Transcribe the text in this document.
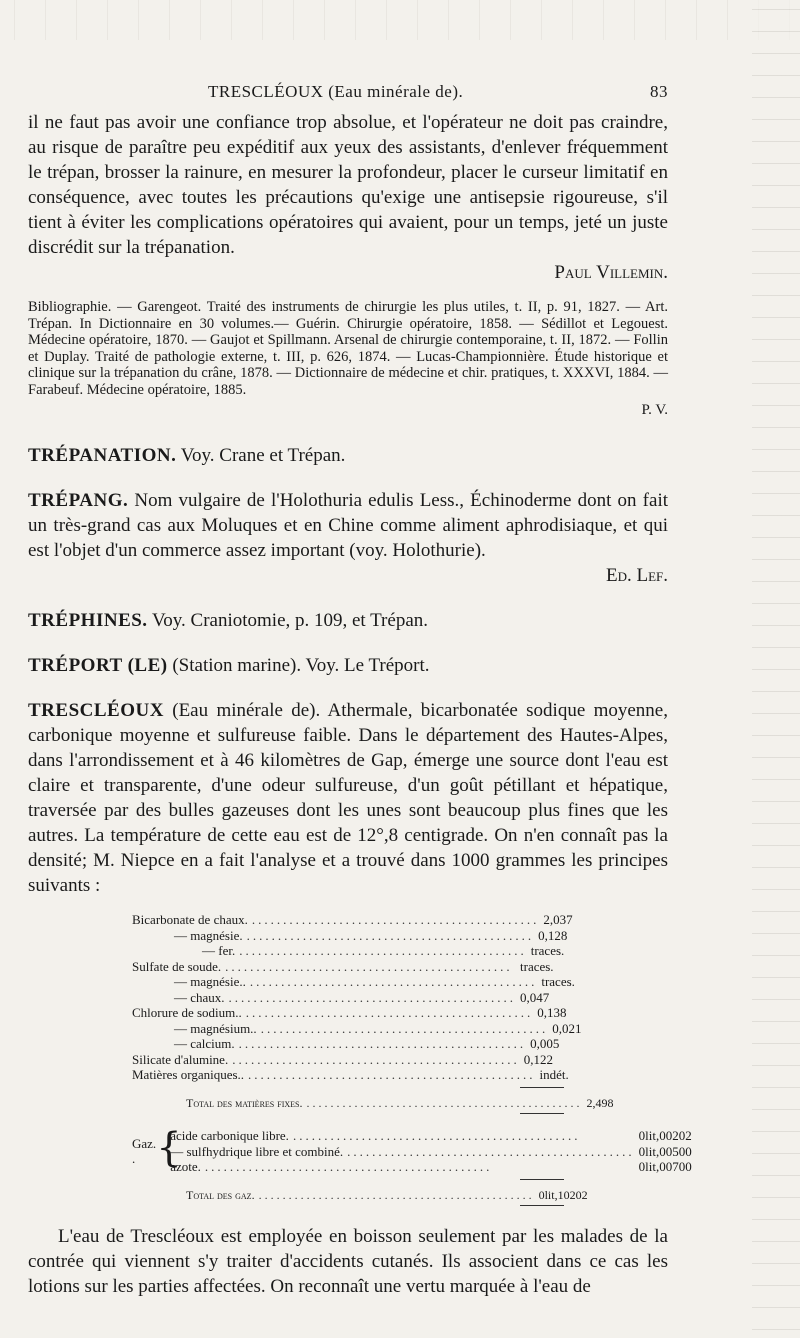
TRESCLÉOUX (Eau minérale de).	83

il ne faut pas avoir une confiance trop absolue, et l'opérateur ne doit pas craindre, au risque de paraître peu expéditif aux yeux des assistants, d'enlever fréquemment le trépan, brosser la rainure, en mesurer la profondeur, placer le curseur limitatif en conséquence, avec toutes les précautions qu'exige une antisepsie rigoureuse, s'il tient à éviter les complications opératoires qui avaient, pour un temps, jeté un juste discrédit sur la trépanation.

Paul Villemin.

Bibliographie. — Garengeot. Traité des instruments de chirurgie les plus utiles, t. II, p. 91, 1827. — Art. Trépan. In Dictionnaire en 30 volumes.— Guérin. Chirurgie opératoire, 1858. — Sédillot et Legouest. Médecine opératoire, 1870. — Gaujot et Spillmann. Arsenal de chirurgie contemporaine, t. II, 1872. — Follin et Duplay. Traité de pathologie externe, t. III, p. 626, 1874. — Lucas-Championnière. Étude historique et clinique sur la trépanation du crâne, 1878. — Dictionnaire de médecine et chir. pratiques, t. XXXVI, 1884. — Farabeuf. Médecine opératoire, 1885.

P. V.
TRÉPANATION. Voy. Crane et Trépan.
TRÉPANG. Nom vulgaire de l'Holothuria edulis Less., Échinoderme dont on fait un très-grand cas aux Moluques et en Chine comme aliment aphrodisiaque, et qui est l'objet d'un commerce assez important (voy. Holothurie).
Ed. Lef.
TRÉPHINES. Voy. Craniotomie, p. 109, et Trépan.
TRÉPORT (LE) (Station marine). Voy. Le Tréport.
TRESCLÉOUX (Eau minérale de). Athermale, bicarbonatée sodique moyenne, carbonique moyenne et sulfureuse faible. Dans le département des Hautes-Alpes, dans l'arrondissement et à 46 kilomètres de Gap, émerge une source dont l'eau est claire et transparente, d'une odeur sulfureuse, d'un goût pétillant et hépatique, traversée par des bulles gazeuses dont les unes sont beaucoup plus fines que les autres. La température de cette eau est de 12°,8 centigrade. On n'en connaît pas la densité; M. Niepce en a fait l'analyse et a trouvé dans 1000 grammes les principes suivants :
Bicarbonate de chaux. .............................................. 2,037
— magnésie. .............................................. 0,128
— fer. .............................................. traces.
Sulfate de soude. .............................................. traces.
— magnésie.. .............................................. traces.
— chaux. .............................................. 0,047
Chlorure de sodium.. .............................................. 0,138
— magnésium.. .............................................. 0,021
— calcium. .............................................. 0,005
Silicate d'alumine. .............................................. 0,122
Matières organiques.. .............................................. indét.
Total des matières fixes. .............................................. 2,498
Gaz. . {
acide carbonique libre. ..............................................	0lit,00202
— sulfhydrique libre et combiné. .............................................. 0lit,00500
azote. ..............................................	0lit,00700
Total des gaz. .............................................. 0lit,10202

L'eau de Trescléoux est employée en boisson seulement par les malades de la contrée qui viennent s'y traiter d'accidents cutanés. Ils associent dans ce cas les lotions sur les parties affectées. On reconnaît une vertu marquée à l'eau de
